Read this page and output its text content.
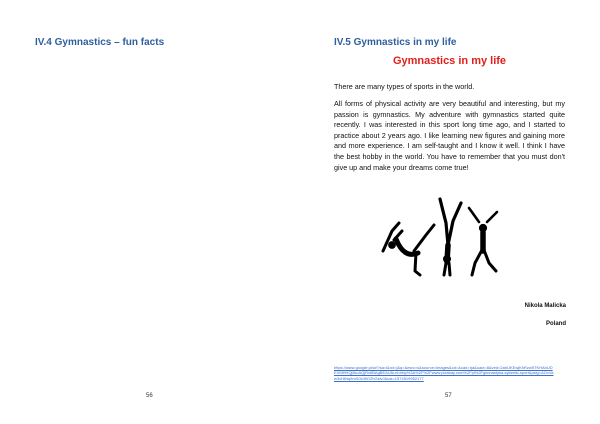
IV.4 Gymnastics – fun facts
56
IV.5 Gymnastics in my life
Gymnastics in my life

There are many types of sports in the world.

All forms of physical activity are very beautiful and interesting, but my passion is gymnastics. My adventure with gymnastics started quite recently. I was interested in this sport long time ago, and I started to practice about 2 years ago. I like learning new figures and gaining more and more experience. I am self-taught and I know it well. I think I have the best hobby in the world. You have to remember that you must don't give up and make your dreams come true!

Nikola Malicka
Poland
https://www.google.pl/url?sa=i&rct=j&q=&esrc=s&source=images&cd=&cad=rja&uact=8&ved=2ahUKEwjKhRzw5TKHAhUDEXMHHQjfAuAQjRx6BAgBEAU&url=http%3A%2F%2Fwww.pixabay.com%2Fpl%2Fgimnastyka-sylwetki-sport&psig=AOvVaw3xHtNq5mS0Ut9O2hGklvJ&ust=1574519952177
57
